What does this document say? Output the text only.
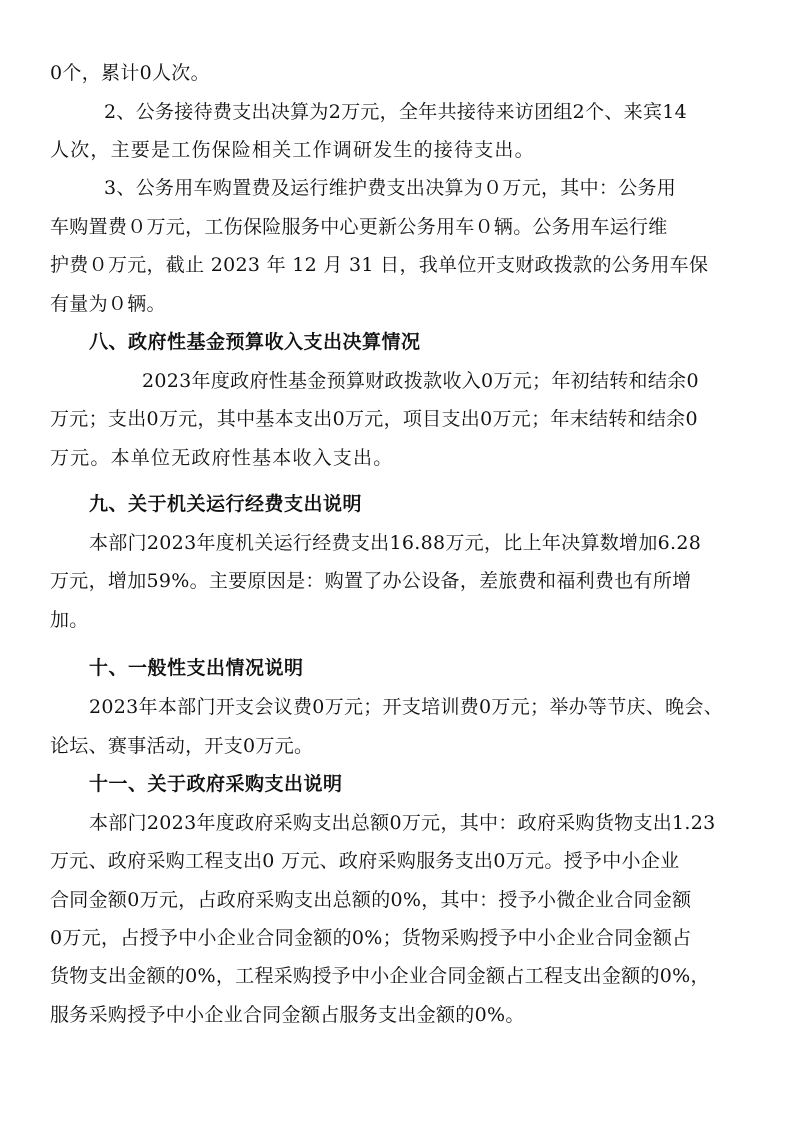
0个，累计0人次。

2、公务接待费支出决算为2万元，全年共接待来访团组2个、来宾14

人次，主要是工伤保险相关工作调研发生的接待支出。

3、公务用车购置费及运行维护费支出决算为０万元，其中：公务用

车购置费０万元，工伤保险服务中心更新公务用车０辆。公务用车运行维

护费０万元，截止 2023 年 12 月 31 日，我单位开支财政拨款的公务用车保

有量为０辆。

八、政府性基金预算收入支出决算情况

2023年度政府性基金预算财政拨款收入0万元；年初结转和结余0

万元；支出0万元，其中基本支出0万元，项目支出0万元；年末结转和结余0

万元。本单位无政府性基本收入支出。

九、关于机关运行经费支出说明

本部门2023年度机关运行经费支出16.88万元，比上年决算数增加6.28

万元，增加59%。主要原因是：购置了办公设备，差旅费和福利费也有所增

加。

十、一般性支出情况说明

2023年本部门开支会议费0万元；开支培训费0万元；举办等节庆、晚会、

论坛、赛事活动，开支0万元。

十一、关于政府采购支出说明

本部门2023年度政府采购支出总额0万元，其中：政府采购货物支出1.23

万元、政府采购工程支出0 万元、政府采购服务支出0万元。授予中小企业

合同金额0万元，占政府采购支出总额的0%，其中：授予小微企业合同金额

0万元，占授予中小企业合同金额的0%；货物采购授予中小企业合同金额占

货物支出金额的0%，工程采购授予中小企业合同金额占工程支出金额的0%，

服务采购授予中小企业合同金额占服务支出金额的0%。
